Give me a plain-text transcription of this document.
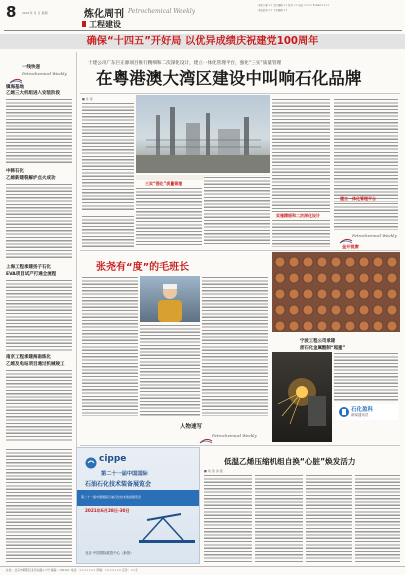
8 2021年 月 日 星期	炼化周刊 Petrochemical Weekly
工程建设
本版主编 ×× 责任编辑 ×× 校对 ×× 电话 ×××× E-mail ××××
本版策划 ×× 美术编辑 ××
确保“十四五”开好局 以优异成绩庆祝建党100周年
一线快递
Petrochemical Weekly
镇海基地
乙烯三大机组进入安装阶段
中韩石化
乙烯新建裂解炉点火成功
上海工程承建扬子石化
EVA项目试产打通全流程
南京工程承建海南炼化
乙烯及电站项目通过机械竣工
十建公司广东巨正源项目推行精细和二次深化设计，建立一体化管理平台，强化“三实”质量管理
在粤港澳大湾区建设中叫响石化品牌
■ 许 等
三实“强化”质量管理
实施精细和二次深化设计
建立一体化管理平台
Petrochemical Weekly
张尧有“度”的毛班长
人物速写
Petrochemical Weekly
宁波工程公司承建
浙石化金属酸制“超重”
石化盈科
新闻通讯员
金开视窗
cippe
第二十一届中国国际
石油石化技术装备展览会
第二十一届中国国际石油石化技术装备展览会
2021年6月28日-30日
北京·中国国际展览中心（新馆）
低温乙烯压缩机组自换“心脏”焕发活力
■ 刘 涛 余 强
社址：北京市朝阳区北辰东路××号 邮编：100101 电话：××××××× 印刷：××××××× 定价：××元
